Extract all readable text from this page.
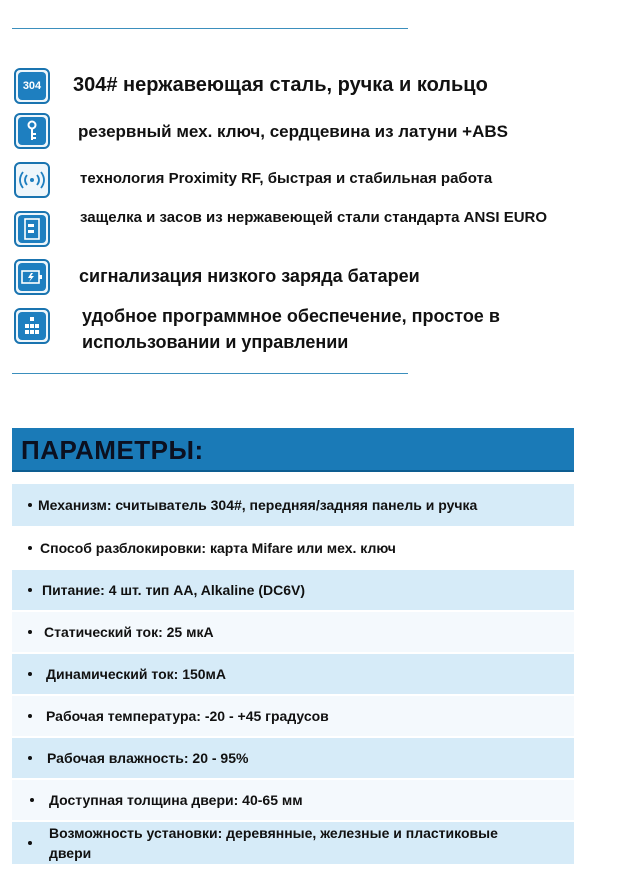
304 304# нержавеющая сталь, ручка и кольцо
резервный мех. ключ, сердцевина из латуни +ABS
технология Proximity RF, быстрая и стабильная работа
защелка и засов из нержавеющей стали стандарта ANSI EURO
сигнализация низкого заряда батареи
удобное программное обеспечение, простое в использовании и управлении
ПАРАМЕТРЫ:
Механизм: считыватель 304#, передняя/задняя панель и ручка
Способ разблокировки: карта Mifare или мех. ключ
Питание: 4 шт. тип AA, Alkaline (DC6V)
Статический ток: 25 мкА
Динамический ток: 150мА
Рабочая температура: -20 - +45 градусов
Рабочая влажность: 20 - 95%
Доступная толщина двери: 40-65 мм
Возможность установки: деревянные, железные и пластиковые двери
